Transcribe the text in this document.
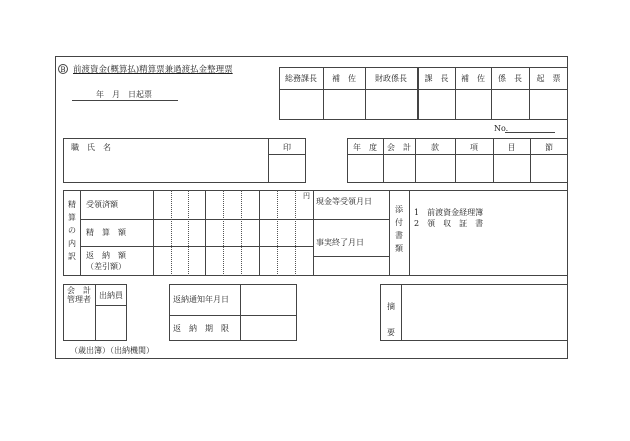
B 前渡資金(概算払)精算票兼過渡払金整理票
年　月　日起票
総務課長	補　佐	財政係長	課　長	補　佐	係　長	起　票
No.
職　氏　名	印	年　度	会　計	款	項	目	節
精算の内訳
受領済額
精　算　額
返　納　額
（差引額）
円
現金等受領月日
事実終了月日
添付書類
1　前渡資金経理簿
2　領　収　証　書
会　計
管理者	出納員	返納通知年月日
返　納　期　限
摘要
（歳出簿）（出納機関）
